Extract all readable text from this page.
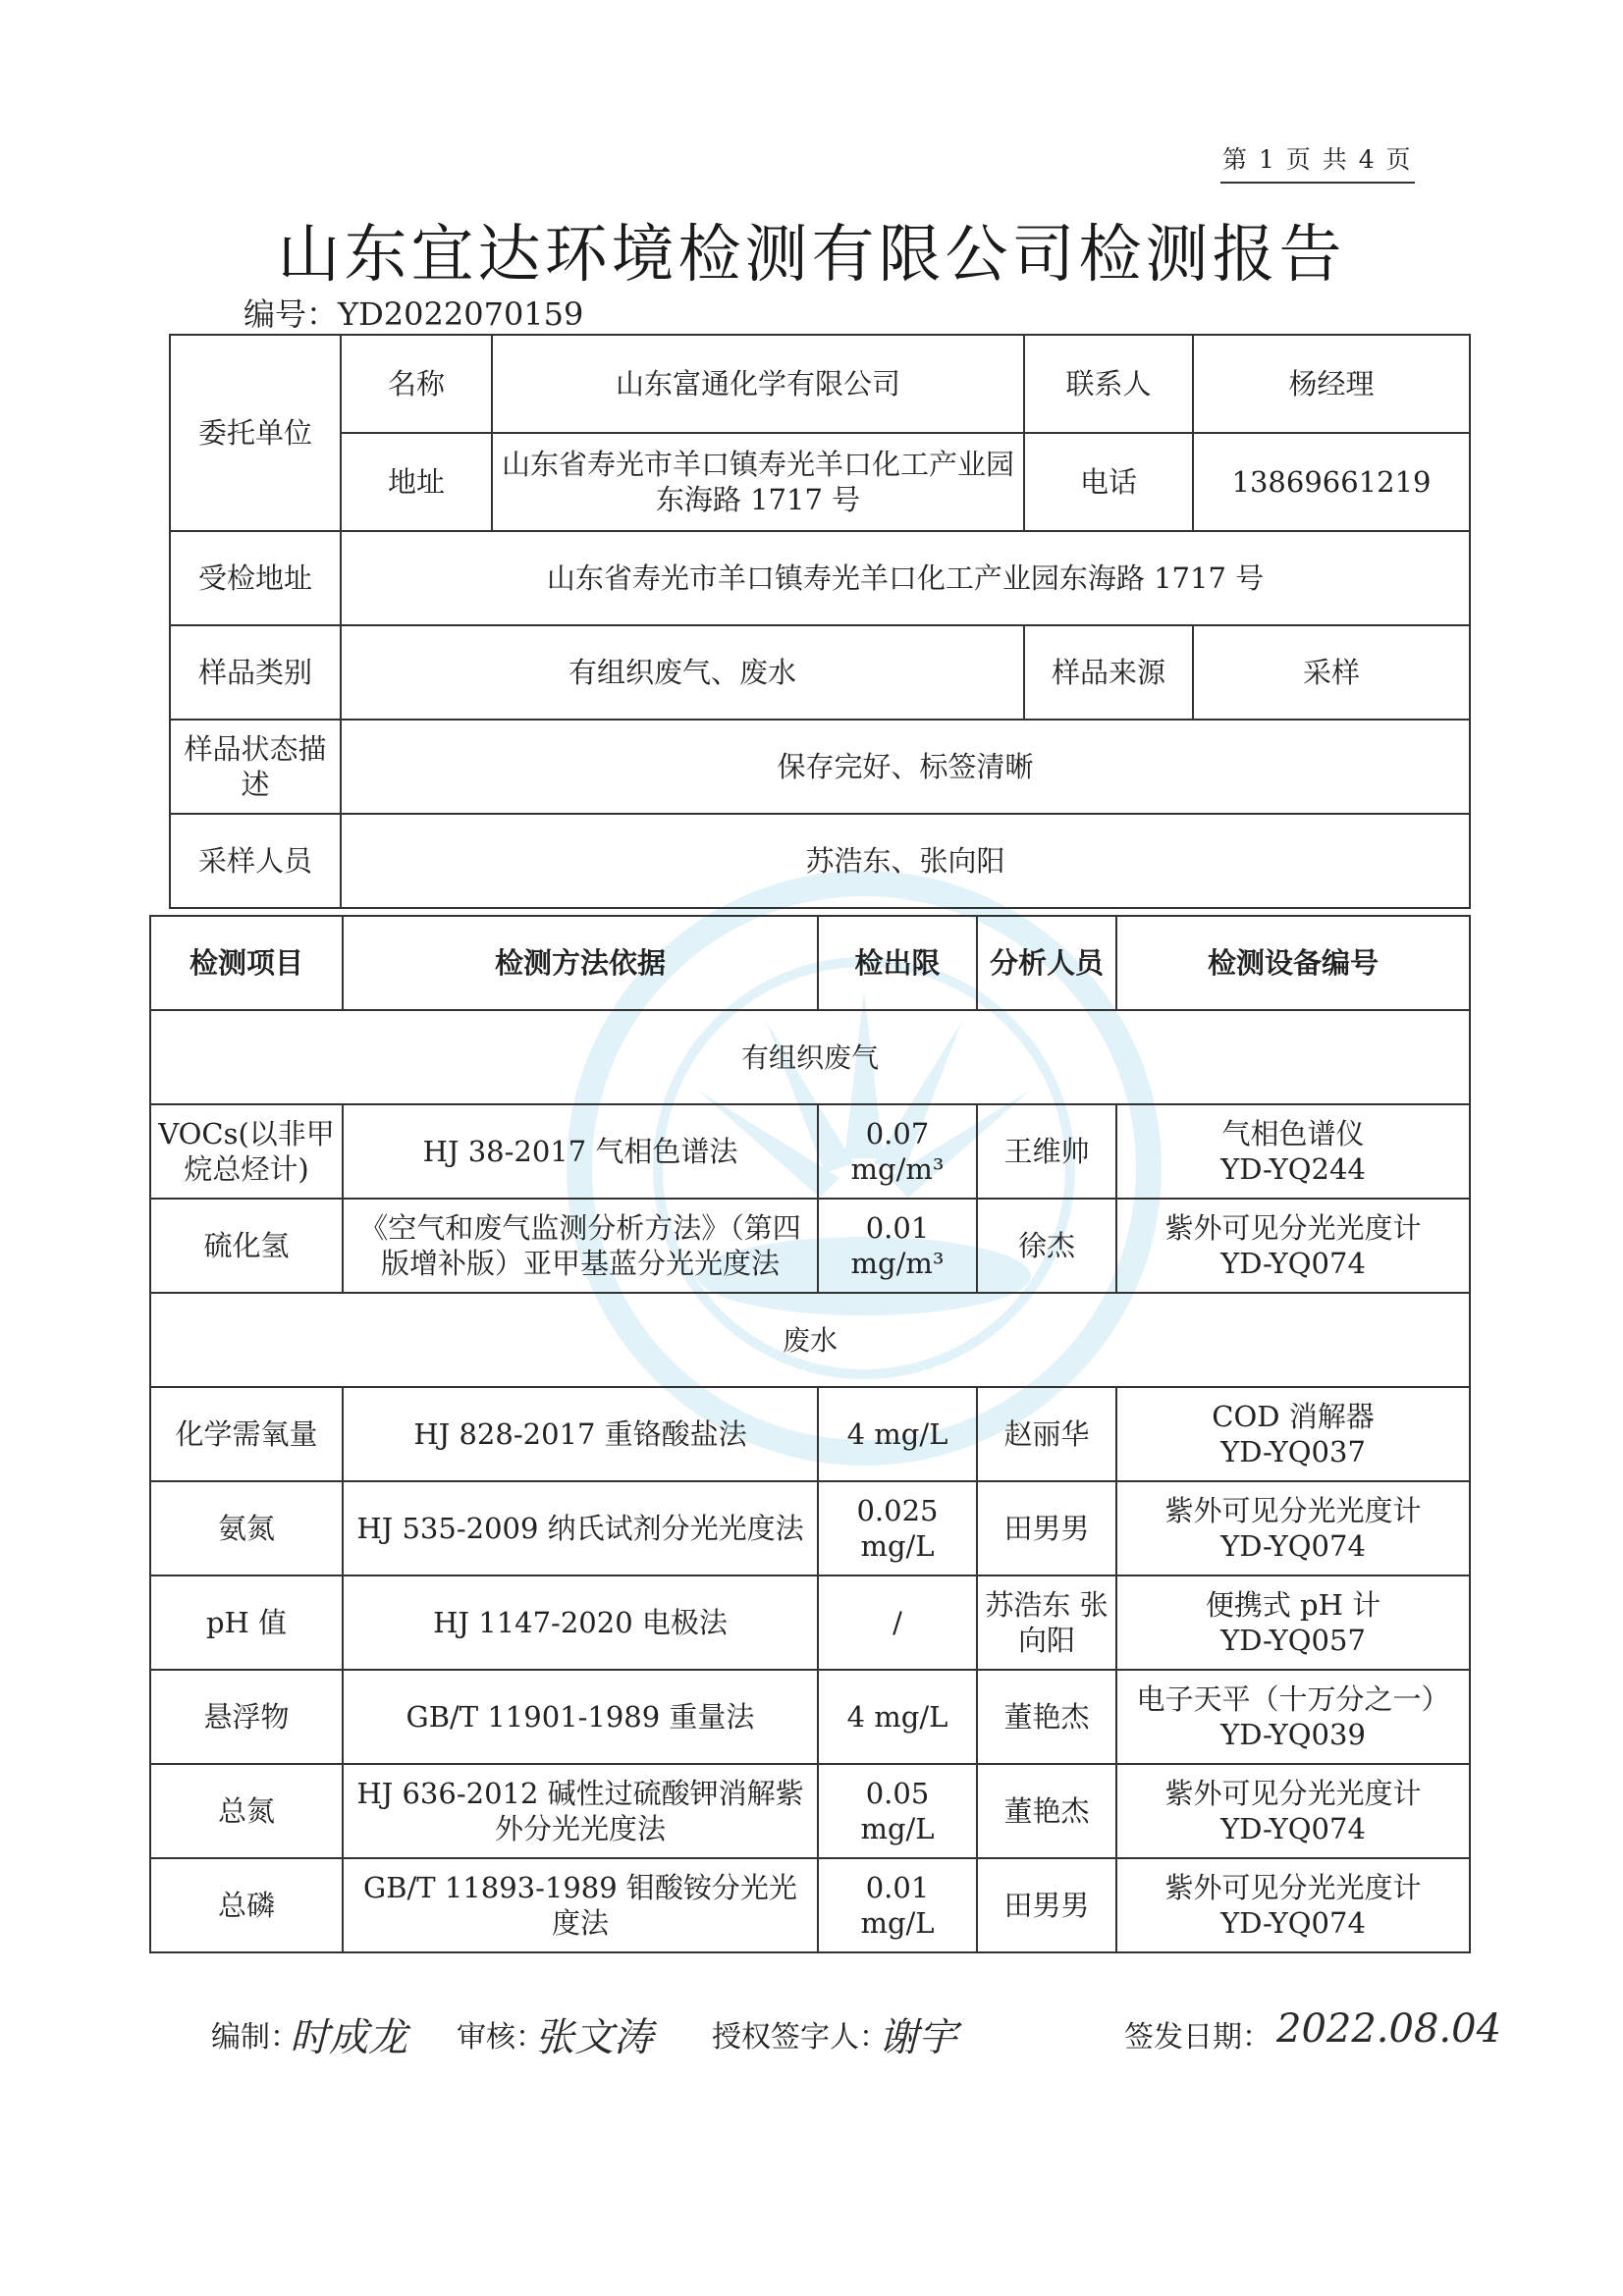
第 1 页 共 4 页
山东宜达环境检测有限公司检测报告
编号：YD2022070159
委托单位	名称	山东富通化学有限公司	联系人	杨经理
	地址	山东省寿光市羊口镇寿光羊口化工产业园东海路 1717 号	电话	13869661219
受检地址	山东省寿光市羊口镇寿光羊口化工产业园东海路 1717 号			
样品类别	有组织废气、废水		样品来源	采样
样品状态描述	保存完好、标签清晰			
采样人员	苏浩东、张向阳			
检测项目	检测方法依据	检出限	分析人员	检测设备编号
有组织废气				
VOCs(以非甲烷总烃计)	HJ 38-2017 气相色谱法	0.07 mg/m³	王维帅	气相色谱仪
YD-YQ244

硫化氢	《空气和废气监测分析方法》（第四版增补版）亚甲基蓝分光光度法	0.01 mg/m³	徐杰	紫外可见分光光度计
YD-YQ074

废水				
化学需氧量	HJ 828-2017 重铬酸盐法	4 mg/L	赵丽华	COD 消解器
YD-YQ037

氨氮	HJ 535-2009 纳氏试剂分光光度法	0.025 mg/L	田男男	紫外可见分光光度计
YD-YQ074

pH 值	HJ 1147-2020 电极法	/	苏浩东 张向阳	便携式 pH 计
YD-YQ057

悬浮物	GB/T 11901-1989 重量法	4 mg/L	董艳杰	电子天平（十万分之一）
YD-YQ039

总氮	HJ 636-2012 碱性过硫酸钾消解紫外分光光度法	0.05 mg/L	董艳杰	紫外可见分光光度计
YD-YQ074

总磷	GB/T 11893-1989 钼酸铵分光光度法	0.01 mg/L	田男男	紫外可见分光光度计
YD-YQ074
编制：
时成龙 审核：
张文涛 授权签字人：
谢宇	签发日期： 2022.08.04
